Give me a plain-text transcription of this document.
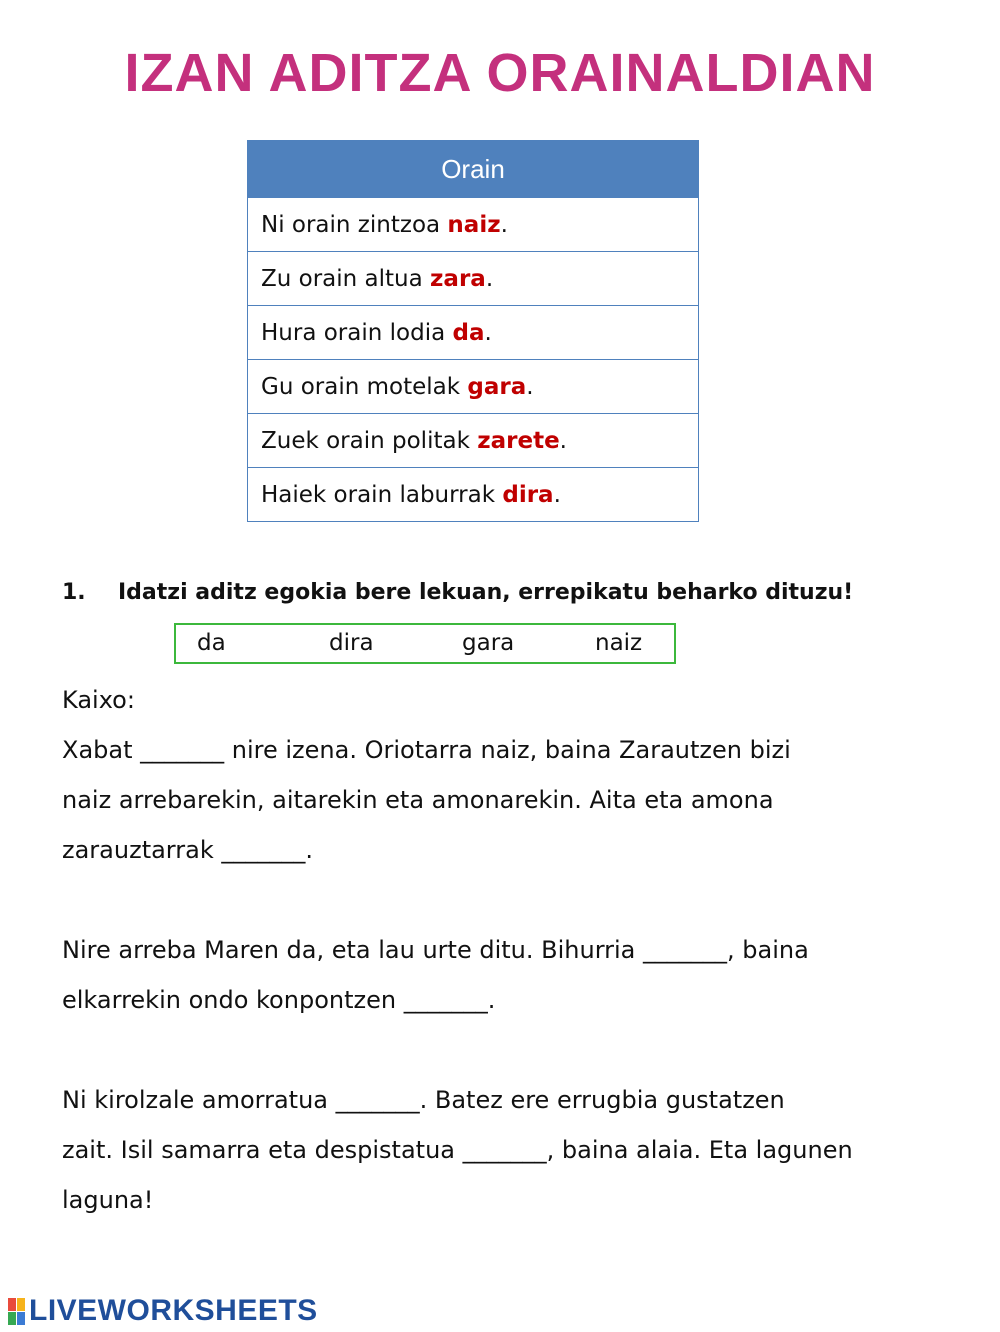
IZAN ADITZA ORAINALDIAN
Orain
Ni orain zintzoa naiz.
Zu orain altua zara.
Hura orain lodia da.
Gu orain motelak gara.
Zuek orain politak zarete.
Haiek orain laburrak dira.
1. Idatzi aditz egokia bere lekuan, errepikatu beharko dituzu!
da	dira	gara	naiz

Kaixo:

Xabat _______ nire izena. Oriotarra naiz, baina Zarautzen bizi

naiz arrebarekin, aitarekin eta amonarekin. Aita eta amona

zarauztarrak _______.

Nire arreba Maren da, eta lau urte ditu. Bihurria _______, baina

elkarrekin ondo konpontzen _______.

Ni kirolzale amorratua _______. Batez ere errugbia gustatzen

zait. Isil samarra eta despistatua _______, baina alaia. Eta lagunen

laguna!

LIVEWORKSHEETS
